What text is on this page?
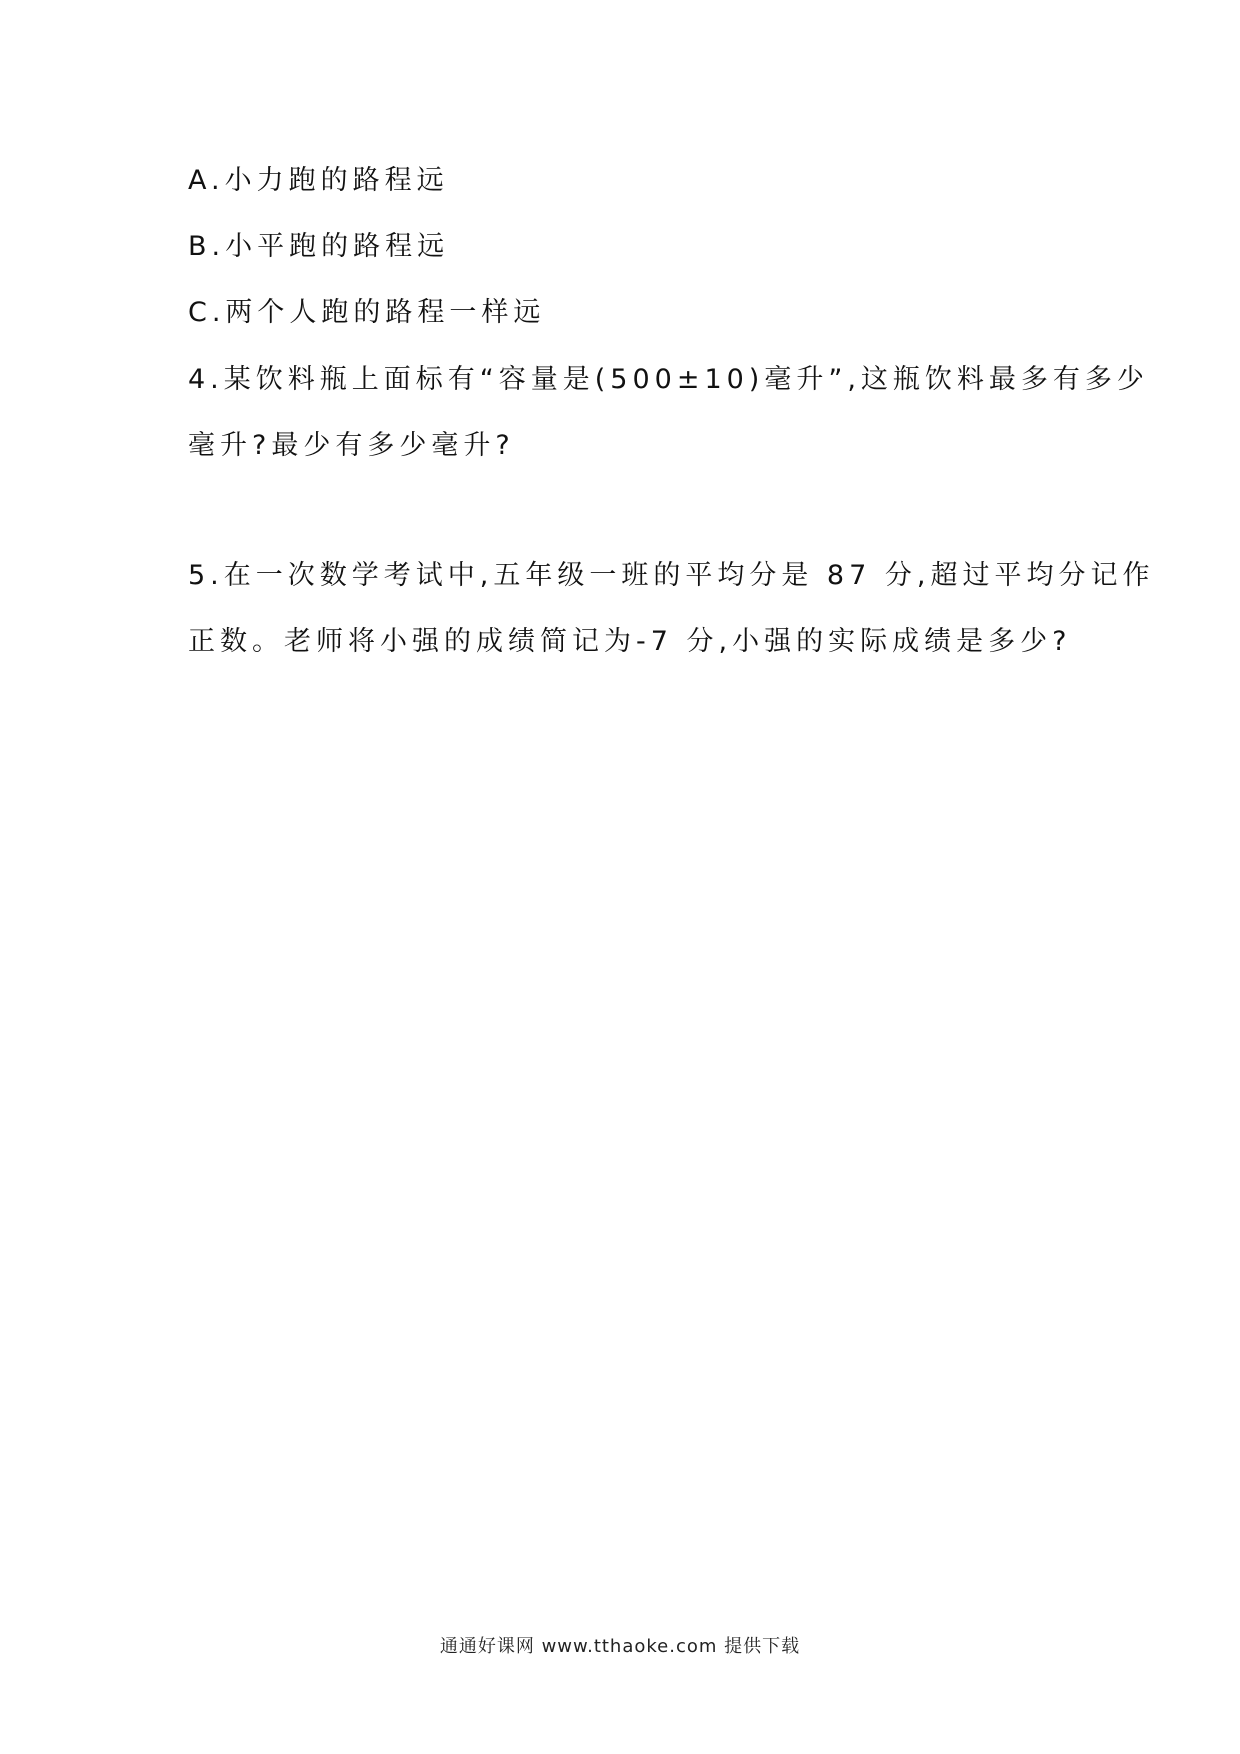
A.小力跑的路程远
B.小平跑的路程远
C.两个人跑的路程一样远
4.某饮料瓶上面标有“容量是(500±10)毫升”,这瓶饮料最多有多少
毫升?最少有多少毫升?
5.在一次数学考试中,五年级一班的平均分是 87 分,超过平均分记作
正数。老师将小强的成绩简记为-7 分,小强的实际成绩是多少?
通通好课网 www.tthaoke.com 提供下载
